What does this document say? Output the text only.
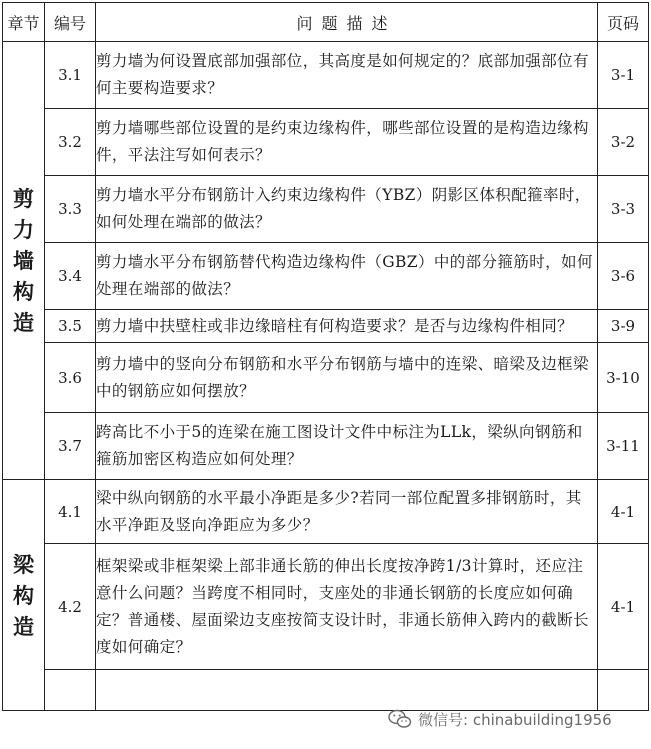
章节	编号	问题描述	页码
剪力墙构造	3.1	剪力墙为何设置底部加强部位，其高度是如何规定的？底部加强部位有何主要构造要求？	3-1
	3.2	剪力墙哪些部位设置的是约束边缘构件，哪些部位设置的是构造边缘构件，平法注写如何表示？	3-2
	3.3	剪力墙水平分布钢筋计入约束边缘构件（YBZ）阴影区体积配箍率时，如何处理在端部的做法？	3-3
	3.4	剪力墙水平分布钢筋替代构造边缘构件（GBZ）中的部分箍筋时，如何处理在端部的做法？	3-6
	3.5	剪力墙中扶壁柱或非边缘暗柱有何构造要求？是否与边缘构件相同？	3-9
	3.6	剪力墙中的竖向分布钢筋和水平分布钢筋与墙中的连梁、暗梁及边框梁中的钢筋应如何摆放？	3-10
	3.7	跨高比不小于5的连梁在施工图设计文件中标注为LLk，梁纵向钢筋和箍筋加密区构造应如何处理？	3-11
梁构造	4.1	梁中纵向钢筋的水平最小净距是多少?若同一部位配置多排钢筋时，其水平净距及竖向净距应为多少？	4-1
	4.2	框架梁或非框架梁上部非通长筋的伸出长度按净跨1/3计算时，还应注意什么问题？当跨度不相同时，支座处的非通长钢筋的长度应如何确定？普通楼、屋面梁边支座按简支设计时，非通长筋伸入跨内的截断长度如何确定？	4-1

微信号: chinabuilding1956
